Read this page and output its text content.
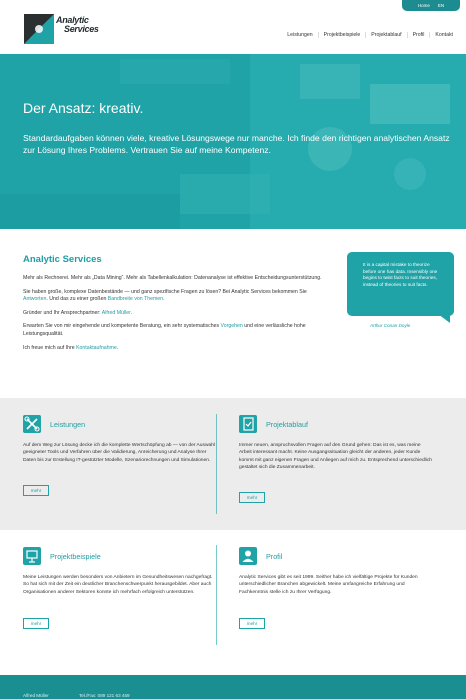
Home EN
Analytic
Services
Leistungen	Projektbeispiele	Projektablauf	Profil	Kontakt
Der Ansatz: kreativ.

Standardaufgaben können viele, kreative Lösungswege nur manche. Ich finde den richtigen analytischen Ansatz zur Lösung Ihres Problems. Vertrauen Sie auf meine Kompetenz.

Analytic Services

Mehr als Rechnerei. Mehr als „Data Mining“. Mehr als Tabellenkalkulation: Datenanalyse ist effektive Entscheidungsunterstützung.

Sie haben große, komplexe Datenbestände — und ganz spezifische Fragen zu lösen? Bei Analytic Services bekommen Sie Antworten. Und das zu einer großen Bandbreite von Themen.

Gründer und Ihr Ansprechpartner: Alfred Müller.

Erwarten Sie von mir eingehende und kompetente Beratung, ein sehr systematisches Vorgehen und eine verlässliche hohe Leistungsqualität.

Ich freue mich auf Ihre Kontaktaufnahme.

It is a capital mistake to theorize before one has data. Insensibly one begins to twist facts to suit theories, instead of theories to suit facts.
Arthur Conan Doyle
Leistungen
Auf dem Weg zur Lösung decke ich die komplette Wertschöpfung ab — von der Auswahl geeigneter Tools und Verfahren über die Validierung, Anreicherung und Analyse Ihrer Daten bis zur Erstellung IT-gestützter Modelle, Szenariorechnungen und Simulationen.
mehr
Projektablauf
Immer neuen, anspruchsvollen Fragen auf den Grund gehen: Das ist es, was meine Arbeit interessant macht. Keine Ausgangssituation gleicht der anderen, jeder Kunde kommt mit ganz eigenen Fragen und Anliegen auf mich zu. Entsprechend unterschiedlich gestaltet sich die Zusammenarbeit.
mehr
Projektbeispiele
Meine Leistungen werden besonders von Anbietern im Gesundheitswesen nachgefragt. So hat sich mit der Zeit ein deutlicher Branchenschwerpunkt herausgebildet. Aber auch Organisationen anderer Sektoren konnte ich mehrfach erfolgreich unterstützen.
mehr
Profil
Analytic Services gibt es seit 1999. Seither habe ich vielfältige Projekte für Kunden unterschiedlicher Branchen abgewickelt. Meine umfangreiche Erfahrung und Fachkenntnis stelle ich zu Ihrer Verfügung.
mehr
Alfred Müller	Tel./Fax: 089 121 63 459
